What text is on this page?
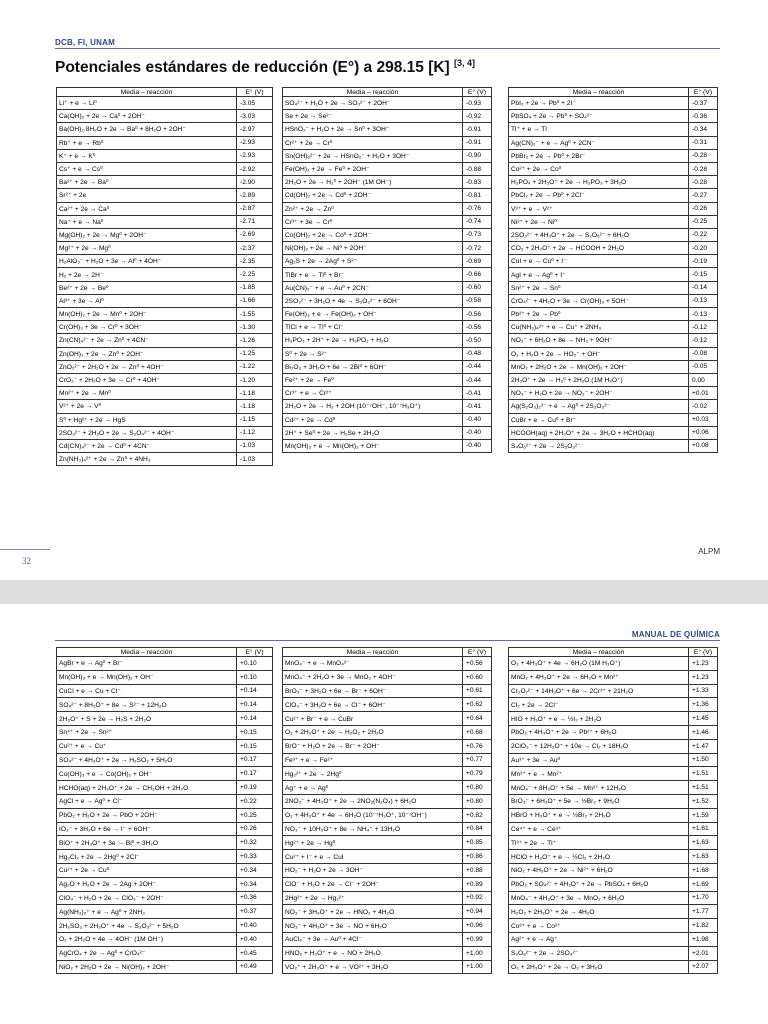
DCB, FI, UNAM
Potenciales estándares de reducción (E°) a 298.15 [K] [3, 4]
Media – reacción	E° (V)
Li⁺ + e → Li⁰	-3.05
Ca(OH)₂ + 2e → Ca⁰ + 2OH⁻	-3.03
Ba(OH)₂.8H₂O + 2e → Ba⁰ + 8H₂O + 2OH⁻	-2.97
Rb⁺ + e → Rb⁰	-2.93
K⁺ + e → K⁰	-2.93
Cs⁺ + e → Cs⁰	-2.92
Ba²⁺ + 2e → Ba⁰	-2.90
Sr²⁺ + 2e	-2.89
Ca²⁺ + 2e → Ca⁰	-2.87
Na⁺ + e → Na⁰	-2.71
Mg(OH)₂ + 2e → Mg⁰ + 2OH⁻	-2.69
Mg²⁺ + 2e → Mg⁰	-2.37
H₂AlO₃⁻ + H₂O + 3e → Al⁰ + 4OH⁻	-2.35
H₂ + 2e → 2H⁻	-2.25
Be²⁺ + 2e → Be⁰	-1.85
Al³⁺ + 3e → Al⁰	-1.66
Mn(OH)₂ + 2e → Mn⁰ + 2OH⁻	-1.55
Cr(OH)₃ + 3e → Cr⁰ + 3OH⁻	-1.30
Zn(CN)₄²⁻ + 2e → Zn⁰ + 4CN⁻	-1.26
Zn(OH)₂ + 2e → Zn⁰ + 2OH⁻	-1.25
ZnO₂²⁻ + 2H₂O + 2e → Zn⁰ + 4OH⁻	-1.22
CrO₂⁻ + 2H₂O + 3e → Cr⁰ + 4OH⁻	-1.20
Mn²⁺ + 2e → Mn⁰	-1.18
V²⁺ + 2e → V⁰	-1.18
S⁰ + Hg²⁺ + 2e → HgS	-1.15
2SO₃²⁻ + 2H₂O + 2e → S₂O₄²⁻ + 4OH⁻	-1.12
Cd(CN)₄²⁻ + 2e → Cd⁰ + 4CN⁻	-1.03
Zn(NH₃)₄²⁺ + 2e → Zn⁰ + 4NH₃	-1.03
Media – reacción	E° (V)
SO₄²⁻ + H₂O + 2e → SO₃²⁻ + 2OH⁻	-0.93
Se + 2e → Se²⁻	-0.92
HSnO₂⁻ + H₂O + 2e → Sn⁰ + 3OH⁻	-0.91
Cr²⁺ + 2e → Cr⁰	-0.91
Sn(OH)₆²⁻ + 2e → HSnO₂⁻ + H₂O + 3OH⁻	-0.90
Fe(OH)₂ + 2e → Fe⁰ + 2OH⁻	-0.88
2H₂O + 2e → H₂⁰ + 2OH⁻ (1M OH⁻)	-0.83
Cd(OH)₂ + 2e → Cd⁰ + 2OH⁻	-0.81
Zn²⁺ + 2e → Zn⁰	-0.76
Cr³⁺ + 3e → Cr⁰	-0.74
Co(OH)₂ + 2e → Co⁰ + 2OH⁻	-0.73
Ni(OH)₂ + 2e → Ni⁰ + 2OH⁻	-0.72
Ag₂S + 2e → 2Ag⁰ + S²⁻	-0.69
TlBr + e → Tl⁰ + Br⁻	-0.66
Au(CN)₂⁻ + e → Au⁰ + 2CN⁻	-0.60
2SO₃²⁻ + 3H₂O + 4e → S₂O₃²⁻ + 6OH⁻	-0.58
Fe(OH)₃ + e → Fe(OH)₂ + OH⁻	-0.56
TlCl + e → Tl⁰ + Cl⁻	-0.56
H₃PO₃ + 2H⁺ + 2e → H₃PO₂ + H₂O	-0.50
S⁰ + 2e → S²⁻	-0.48
Bi₂O₃ + 3H₂O + 6e → 2Bi⁰ + 6OH⁻	-0.44
Fe²⁺ + 2e → Fe⁰	-0.44
Cr³⁺ + e → Cr²⁺	-0.41
2H₂O + 2e → H₂ + 2OH (10⁻⁷OH⁻, 10⁻⁷H₃O⁺)	-0.41
Cd²⁺ + 2e → Cd⁰	-0.40
2H⁺ + Se⁰ + 2e → H₂Se + 2H₂O	-0.40
Mn(OH)₃ + e → Mn(OH)₂ + OH⁻	-0.40
Media – reacción	E° (V)
PbI₂ + 2e → Pb⁰ + 2I⁻	-0.37
PbSO₄ + 2e → Pb⁰ + SO₄²⁻	-0.36
Tl⁺ + e → Tl	-0.34
Ag(CN)₂⁻ + e → Ag⁰ + 2CN⁻	-0.31
PbBr₂ + 2e → Pb⁰ + 2Br⁻	-0.28
Co²⁺ + 2e → Co⁰	-0.28
H₃PO₄ + 2H₃O⁺ + 2e → H₃PO₃ + 3H₂O	-0.28
PbCl₂ + 2e → Pb⁰ + 2Cl⁻	-0.27
V³⁺ + e → V²⁺	-0.26
Ni²⁺ + 2e → Ni⁰	-0.25
2SO₃²⁻ + 4H₃O⁺ + 2e → S₂O₆²⁻ + 6H₂O	-0.22
CO₂ + 2H₃O⁺ + 2e → HCOOH + 2H₂O	-0.20
CuI + e → Cu⁰ + I⁻	-0.19
AgI + e → Ag⁰ + I⁻	-0.15
Sn²⁺ + 2e → Sn⁰	-0.14
CrO₄²⁻ + 4H₂O + 3e → Cr(OH)₃ + 5OH⁻	-0.13
Pb²⁺ + 2e → Pb⁰	-0.13
Cu(NH₃)₄²⁺ + e → Cu⁺ + 2NH₃	-0.12
NO₃⁻ + 6H₂O + 8e → NH₃ + 9OH⁻	-0.12
O₂ + H₂O + 2e → HO₂⁻ + OH⁻	-0.08
MnO₂ + 2H₂O + 2e → Mn(OH)₂ + 2OH⁻	-0.05
2H₃O⁺ + 2e → H₂⁰ + 2H₂O (1M H₃O⁺)	0.00
NO₃⁻ + H₂O + 2e → NO₂⁻ + 2OH⁻	+0.01
Ag(S₂O₃)₂³⁻ + e → Ag⁰ + 2S₂O₃²⁻	-0.02
CuBr + e → Cu⁰ + Br⁻	+0.03
HCOOH(aq) + 2H₃O⁺ + 2e → 3H₂O + HCHO(aq)	+0.06
S₄O₆²⁻ + 2e → 2S₂O₃²⁻	+0.08
32
ALPM
MANUAL DE QUÍMICA
Media – reacción	E° (V)
AgBr + e → Ag⁰ + Br⁻	+0.10
Mn(OH)₃ + e → Mn(OH)₂ + OH⁻	+0.10
CuCl + e → Cu + Cl⁻	+0.14
SO₄²⁻ + 8H₃O⁺ + 8e → S²⁻ + 12H₂O	+0.14
2H₃O⁺ + S + 2e → H₂S + 2H₂O	+0.14
Sn⁴⁺ + 2e → Sn²⁺	+0.15
Cu²⁺ + e → Cu⁺	+0.15
SO₄²⁻ + 4H₃O⁺ + 2e → H₂SO₃ + 5H₂O	+0.17
Co(OH)₃ + e → Co(OH)₂ + OH⁻	+0.17
HCHO(aq) + 2H₃O⁺ + 2e → CH₃OH + 2H₂O	+0.19
AgCl + e → Ag⁰ + Cl⁻	+0.22
PbO₂ + H₂O + 2e → PbO + 2OH⁻	+0.25
IO₃⁻ + 3H₂O + 6e → I⁻ + 6OH⁻	+0.26
BiO⁺ + 2H₃O⁺ + 3e → Bi⁰ + 3H₂O	+0.32
Hg₂Cl₂ + 2e → 2Hg⁰ + 2Cl⁻	+0.33
Cu²⁺ + 2e → Cu⁰	+0.34
Ag₂O + H₂O + 2e → 2Ag + 2OH⁻	+0.34
ClO₄⁻ + H₂O + 2e → ClO₃⁻ + 2OH⁻	+0.36
Ag(NH₃)₂⁺ + e → Ag⁰ + 2NH₃	+0.37
2H₂SO₃ + 2H₃O⁺ + 4e → S₂O₃²⁻ + 5H₂O	+0.40
O₂ + 2H₂O + 4e → 4OH⁻ (1M OH⁻)	+0.40
AgCrO₄ + 2e → Ag⁰ + CrO₄²⁻	+0.45
NiO₂ + 2H₂O + 2e → Ni(OH)₂ + 2OH⁻	+0.49
Media – reacción	E° (V)
MnO₄⁻ + e → MnO₄²⁻	+0.56
MnO₄⁻ + 2H₂O + 3e → MnO₂ + 4OH⁻	+0.60
BrO₃⁻ + 3H₂O + 6e → Br⁻ + 6OH⁻	+0.61
ClO₃⁻ + 3H₂O + 6e → Cl⁻ + 6OH⁻	+0.62
Cu²⁺ + Br⁻ + e → CuBr	+0.64
O₂ + 2H₃O⁺ + 2e → H₂O₂ + 2H₂O	+0.68
BrO⁻ + H₂O + 2e → Br⁻ + 2OH⁻	+0.76
Fe³⁺ + e → Fe²⁺	+0.77
Hg₂²⁺ + 2e → 2Hg⁰	+0.79
Ag⁺ + e → Ag⁰	+0.80
2NO₃⁻ + 4H₃O⁺ + 2e → 2NO₂(N₂O₄) + 6H₂O	+0.80
O₂ + 4H₃O⁺ + 4e → 6H₂O (10⁻⁷H₃O⁺, 10⁻⁷OH⁻)	+0.82
NO₃⁻ + 10H₃O⁺ + 8e → NH₄⁺ + 13H₂O	+0.84
Hg²⁺ + 2e → Hg⁰	+0.85
Cu²⁺ + I⁻ + e → CuI	+0.86
HO₂⁻ + H₂O + 2e → 3OH⁻	+0.88
ClO⁻ + H₂O + 2e → Cl⁻ + 2OH⁻	+0.89
2Hg²⁺ + 2e → Hg₂²⁺	+0.92
NO₃⁻ + 3H₃O⁺ + 2e → HNO₂ + 4H₂O	+0.94
NO₃⁻ + 4H₃O⁺ + 3e → NO + 6H₂O	+0.96
AuCl₄⁻ + 3e → Au⁰ + 4Cl⁻	+0.99
HNO₂ + H₃O⁺ + e → NO + 2H₂O	+1.00
VO₂⁺ + 2H₃O⁺ + e → VO²⁺ + 3H₂O	+1.00
Media – reacción	E° (V)
O₂ + 4H₃O⁺ + 4e → 6H₂O (1M H₃O⁺)	+1.23
MnO₂ + 4H₃O⁺ + 2e → 6H₂O + Mn²⁺	+1.23
Cr₂O₇²⁻ + 14H₃O⁺ + 6e → 2Cr³⁺ + 21H₂O	+1.33
Cl₂ + 2e → 2Cl⁻	+1.36
HIO + H₃O⁺ + e → ½I₂ + 2H₂O	+1.45
PbO₂ + 4H₃O⁺ + 2e → Pb²⁺ + 6H₂O	+1.46
2ClO₃⁻ + 12H₃O⁺ + 10e → Cl₂ + 18H₂O	+1.47
Au³⁺ + 3e → Au⁰	+1.50
Mn³⁺ + e → Mn²⁺	+1.51
MnO₄⁻ + 8H₃O⁺ + 5e → Mn²⁺ + 12H₂O	+1.51
BrO₃⁻ + 6H₃O⁺ + 5e → ½Br₂ + 9H₂O	+1.52
HBrO + H₃O⁺ + e → ½Br₂ + 2H₂O	+1.59
Ce⁴⁺ + e → Ce³⁺	+1.61
Tl³⁺ + 2e → Tl⁺	+1.63
HClO + H₃O⁺ + e → ½Cl₂ + 2H₂O	+1.63
NiO₂ + 4H₃O⁺ + 2e → Ni²⁺ + 6H₂O	+1.68
PbO₂ + SO₄²⁻ + 4H₃O⁺ + 2e → PbSO₄ + 6H₂O	+1.69
MnO₄⁻ + 4H₃O⁺ + 3e → MnO₂ + 6H₂O	+1.70
H₂O₂ + 2H₃O⁺ + 2e → 4H₂O	+1.77
Co³⁺ + e → Co²⁺	+1.82
Ag²⁺ + e → Ag⁺	+1.98
S₂O₈²⁻ + 2e → 2SO₄²⁻	+2.01
O₃ + 2H₃O⁺ + 2e → O₂ + 3H₂O	+2.07
